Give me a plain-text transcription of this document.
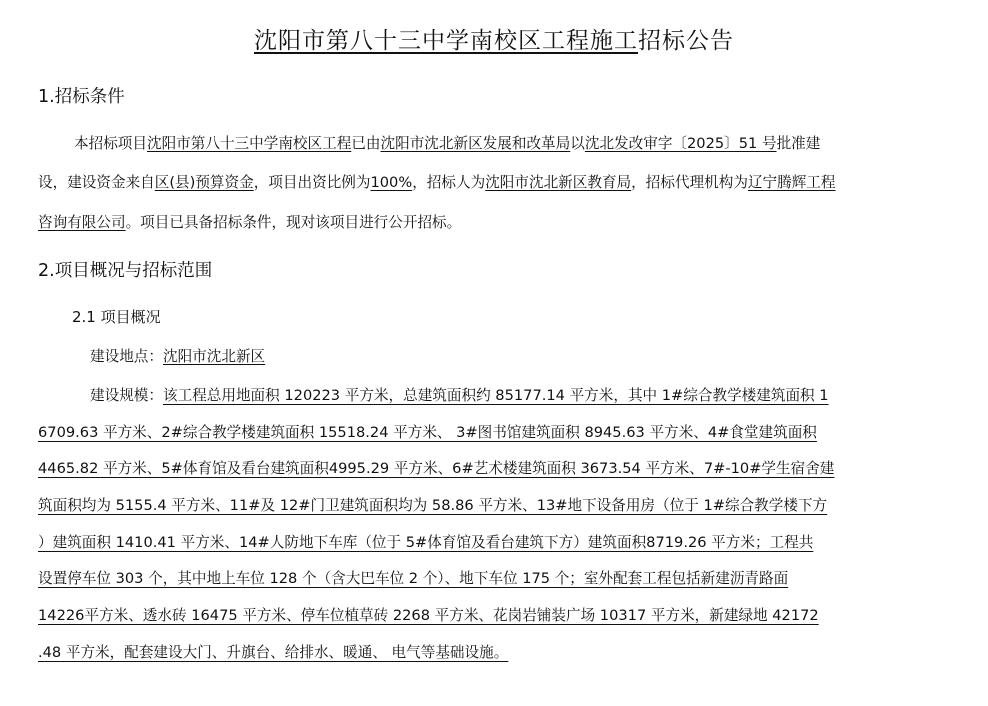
沈阳市第八十三中学南校区工程施工招标公告
1.招标条件
本招标项目沈阳市第八十三中学南校区工程已由沈阳市沈北新区发展和改革局以沈北发改审字〔2025〕51 号批准建
设，建设资金来自区(县)预算资金，项目出资比例为100%，招标人为沈阳市沈北新区教育局，招标代理机构为辽宁腾辉工程
咨询有限公司。项目已具备招标条件，现对该项目进行公开招标。
2.项目概况与招标范围
2.1 项目概况
建设地点：沈阳市沈北新区
建设规模：该工程总用地面积 120223 平方米，总建筑面积约 85177.14 平方米，其中 1#综合教学楼建筑面积 1
6709.63 平方米、2#综合教学楼建筑面积 15518.24 平方米、 3#图书馆建筑面积 8945.63 平方米、4#食堂建筑面积
4465.82 平方米、5#体育馆及看台建筑面积4995.29 平方米、6#艺术楼建筑面积 3673.54 平方米、7#-10#学生宿舍建
筑面积均为 5155.4 平方米、11#及 12#门卫建筑面积均为 58.86 平方米、13#地下设备用房（位于 1#综合教学楼下方
）建筑面积 1410.41 平方米、14#人防地下车库（位于 5#体育馆及看台建筑下方）建筑面积8719.26 平方米；工程共
设置停车位 303 个，其中地上车位 128 个（含大巴车位 2 个）、地下车位 175 个；室外配套工程包括新建沥青路面
14226平方米、透水砖 16475 平方米、停车位植草砖 2268 平方米、花岗岩铺装广场 10317 平方米，新建绿地 42172
.48 平方米，配套建设大门、升旗台、给排水、暖通、 电气等基础设施。
